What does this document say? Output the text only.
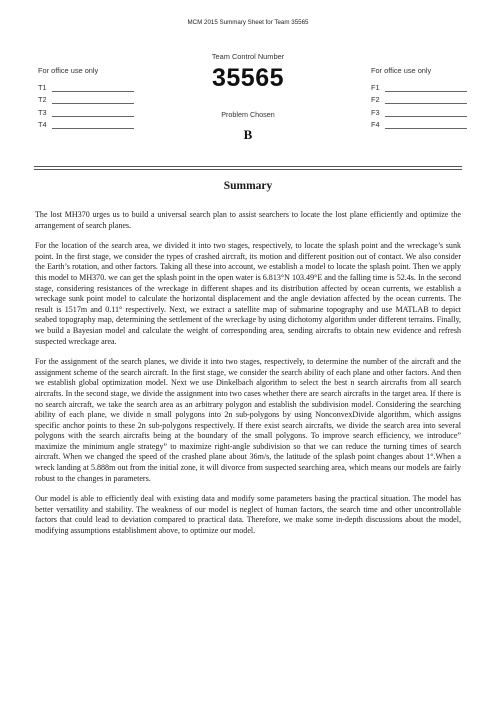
MCM 2015 Summary Sheet for Team 35565
For office use only
T1
T2
T3
T4
Team Control Number
35565
Problem Chosen
B
For office use only
F1
F2
F3
F4
Summary

The lost MH370 urges us to build a universal search plan to assist searchers to locate the lost plane efficiently and optimize the arrangement of search planes.

For the location of the search area, we divided it into two stages, respectively, to locate the splash point and the wreckage’s sunk point. In the first stage, we consider the types of crashed aircraft, its motion and different position out of contact. We also consider the Earth’s rotation, and other factors. Taking all these into account, we establish a model to locate the splash point. Then we apply this model to MH370. we can get the splash point in the open water is 6.813°N 103.49°E and the falling time is 52.4s. In the second stage, considering resistances of the wreckage in different shapes and its distribution affected by ocean currents, we establish a wreckage sunk point model to calculate the horizontal displacement and the angle deviation affected by the ocean currents. The result is 1517m and 0.11° respectively. Next, we extract a satellite map of submarine topography and use MATLAB to depict seabed topography map, determining the settlement of the wreckage by using dichotomy algorithm under different terrains. Finally, we build a Bayesian model and calculate the weight of corresponding area, sending aircrafts to obtain new evidence and refresh suspected wreckage area.

For the assignment of the search planes, we divide it into two stages, respectively, to determine the number of the aircraft and the assignment scheme of the search aircraft. In the first stage, we consider the search ability of each plane and other factors. And then we establish global optimization model. Next we use Dinkelbach algorithm to select the best n search aircrafts from all search aircrafts. In the second stage, we divide the assignment into two cases whether there are search aircrafts in the target area. If there is no search aircraft, we take the search area as an arbitrary polygon and establish the subdivision model. Considering the searching ability of each plane, we divide n small polygons into 2n sub-polygons by using NonconvexDivide algorithm, which assigns specific anchor points to these 2n sub-polygons respectively. If there exist search aircrafts, we divide the search area into several polygons with the search aircrafts being at the boundary of the small polygons. To improve search efficiency, we introduce” maximize the minimum angle strategy” to maximize right-angle subdivision so that we can reduce the turning times of search aircraft. When we changed the speed of the crashed plane about 36m/s, the latitude of the splash point changes about 1°.When a wreck landing at 5.888m out from the initial zone, it will divorce from suspected searching area, which means our models are fairly robust to the changes in parameters.

Our model is able to efficiently deal with existing data and modify some parameters basing the practical situation. The model has better versatility and stability. The weakness of our model is neglect of human factors, the search time and other uncontrollable factors that could lead to deviation compared to practical data. Therefore, we make some in-depth discussions about the model, modifying assumptions establishment above, to optimize our model.
